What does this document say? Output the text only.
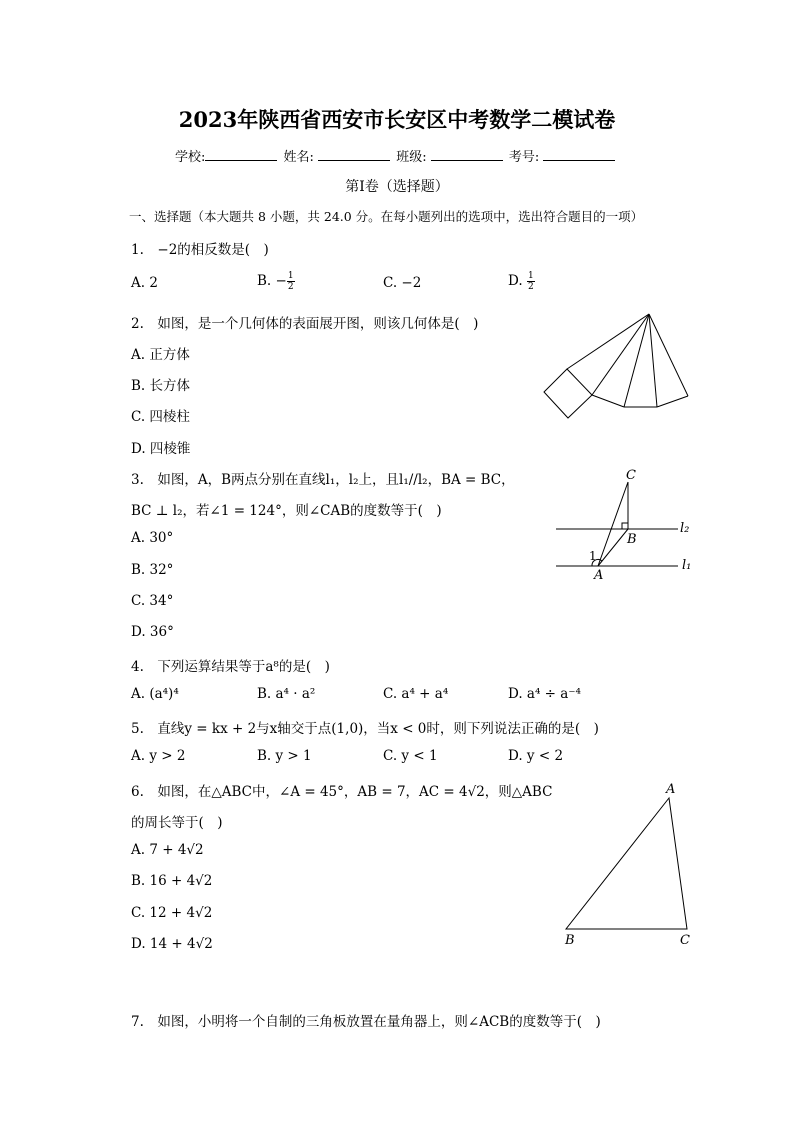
2023年陕西省西安市长安区中考数学二模试卷
学校:	姓名:	班级:	考号:
第Ⅰ卷（选择题）
一、选择题（本大题共 8 小题，共 24.0 分。在每小题列出的选项中，选出符合题目的一项）
1.　−2的相反数是(　)
A. 2	B. − $\frac{1}{2}$	C. −2	D. $\frac{1}{2}$
2.　如图，是一个几何体的表面展开图，则该几何体是(　)
A. 正方体
B. 长方体
C. 四棱柱
D. 四棱锥
3.　如图，A，B两点分别在直线l₁，l₂上，且l₁//l₂，BA = BC，
BC ⊥ l₂，若∠1 = 124°，则∠CAB的度数等于(　)
A. 30°
B. 32°
C. 34°
D. 36°
C
B
A
1
l₂
l₁
4.　下列运算结果等于a⁸的是(　)
A. (a⁴)⁴	B. a⁴ · a²	C. a⁴ + a⁴	D. a⁴ ÷ a⁻⁴
5.　直线y = kx + 2与x轴交于点(1,0)，当x < 0时，则下列说法正确的是(　)
A. y > 2	B. y > 1	C. y < 1	D. y < 2
6.　如图，在△ABC中，∠A = 45°，AB = 7，AC = 4√2，则△ABC
的周长等于(　)
A. 7 + 4√2
B. 16 + 4√2
C. 12 + 4√2
D. 14 + 4√2
A
B	C
7.　如图，小明将一个自制的三角板放置在量角器上，则∠ACB的度数等于(　)
